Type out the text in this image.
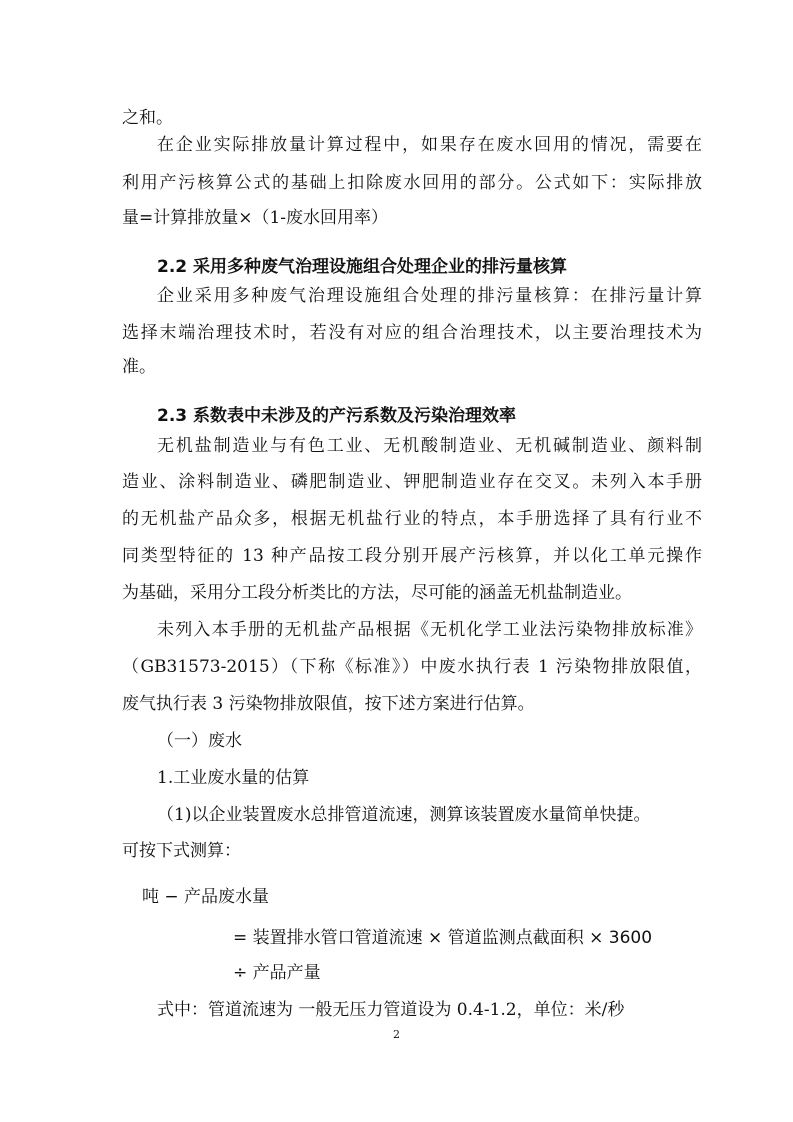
之和。
在企业实际排放量计算过程中，如果存在废水回用的情况，需要在
利用产污核算公式的基础上扣除废水回用的部分。公式如下：实际排放
量=计算排放量×（1-废水回用率）
2.2 采用多种废气治理设施组合处理企业的排污量核算
企业采用多种废气治理设施组合处理的排污量核算：在排污量计算
选择末端治理技术时，若没有对应的组合治理技术，以主要治理技术为
准。
2.3 系数表中未涉及的产污系数及污染治理效率
无机盐制造业与有色工业、无机酸制造业、无机碱制造业、颜料制
造业、涂料制造业、磷肥制造业、钾肥制造业存在交叉。未列入本手册
的无机盐产品众多，根据无机盐行业的特点，本手册选择了具有行业不
同类型特征的 13 种产品按工段分别开展产污核算，并以化工单元操作
为基础，采用分工段分析类比的方法，尽可能的涵盖无机盐制造业。
未列入本手册的无机盐产品根据《无机化学工业法污染物排放标准》
（GB31573-2015）（下称《标准》）中废水执行表 1 污染物排放限值，
废气执行表 3 污染物排放限值，按下述方案进行估算。
（一）废水
1.工业废水量的估算
（1)以企业装置废水总排管道流速，测算该装置废水量简单快捷。
可按下式测算：
吨 − 产品废水量
= 装置排水管口管道流速 × 管道监测点截面积 × 3600
÷ 产品产量
式中：管道流速为 一般无压力管道设为 0.4-1.2，单位：米/秒
2
